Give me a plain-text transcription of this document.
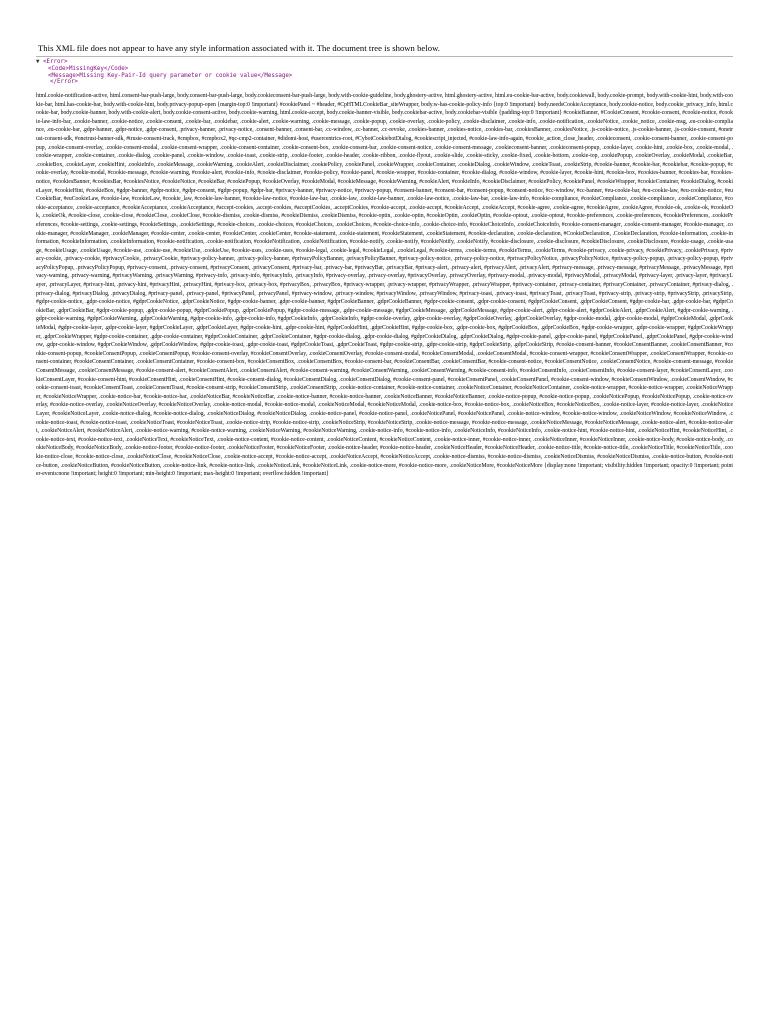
This XML file does not appear to have any style information associated with it. The document tree is shown below.
▼ <Error>
<Code>MissingKey</Code>
<Message>Missing Key-Pair-Id query parameter or cookie value</Message>
</Error>
html.cookie-notification-active, html.consent-bar-push-large, body.consent-bar-push-large, body.cookieconsent-bar-push-large, body.with-cookie-guideline, body.ghostery-active, html.ghostery-active, html.eu-cookie-bar-active, body.cookiewall, body.cookie-prompt, body.with-cookie-hint, body.with-cookie-bar, html.has-cookie-bar, body.with-cookie-hint, body.privacy-popup-open {margin-top:0 !important} #cookiePanel ~ #header, #CpHTMLCookieBar_siteWrapper, body.w-has-cookie-policy-info {top:0 !important} body.needsCookieAcceptance, body.cookie-notice, body.cookie_privacy_info, html.cookie-bar, body.cookie-banner, body.with-cookie-alert, body.cookie-consent-active, body.cookie-warning, html.cookie-accept, body.cookie-banner-visible, body.cookiebar-active, body.cookiebar-visible {padding-top:0 !important} #cookieBanner, #CookieConsent, #cookie-consent, #cookie-notice, #cookie-law-info-bar, .cookie-banner, .cookie-notice, .cookie-consent, .cookie-bar, .cookiebar, .cookie-alert, .cookie-warning, .cookie-message, .cookie-popup, .cookie-overlay, .cookie-policy, .cookie-disclaimer, .cookie-info, .cookie-notification, .cookieNotice, .cookie_notice, .cookie-msg, .eu-cookie-compliance, .eu-cookie-bar, .gdpr-banner, .gdpr-notice, .gdpr-consent, .privacy-banner, .privacy-notice, .consent-banner, .consent-bar, .cc-window, .cc-banner, .cc-revoke, .cookies-banner, .cookies-notice, .cookies-bar, .cookiesBanner, .cookiesNotice, .js-cookie-notice, .js-cookie-banner, .js-cookie-consent, #onetrust-consent-sdk, #onetrust-banner-sdk, #truste-consent-track, #cmpbox, #cmpbox2, #qc-cmp2-container, #didomi-host, #usercentrics-root, #CybotCookiebotDialog, #cookiescript_injected, #cookie-law-info-again, #cookie_action_close_header, .cookieconsent, .cookie-consent-banner, .cookie-consent-popup, .cookie-consent-overlay, .cookie-consent-modal, .cookie-consent-wrapper, .cookie-consent-container, .cookie-consent-box, .cookie-consent-bar, .cookie-consent-notice, .cookie-consent-message, .cookieconsent-banner, .cookieconsent-popup, .cookie-layer, .cookie-hint, .cookie-box, .cookie-modal, .cookie-wrapper, .cookie-container, .cookie-dialog, .cookie-panel, .cookie-window, .cookie-toast, .cookie-strip, .cookie-footer, .cookie-header, .cookie-ribbon, .cookie-flyout, .cookie-slide, .cookie-sticky, .cookie-fixed, .cookie-bottom, .cookie-top, .cookiePopup, .cookieOverlay, .cookieModal, .cookieBar, .cookieBox, .cookieLayer, .cookieHint, .cookieInfo, .cookieMessage, .cookieWarning, .cookieAlert, .cookieDisclaimer, .cookiePolicy, .cookiePanel, .cookieWrapper, .cookieContainer, .cookieDialog, .cookieWindow, .cookieToast, .cookieStrip, #cookie-banner, #cookie-bar, #cookiebar, #cookie-popup, #cookie-overlay, #cookie-modal, #cookie-message, #cookie-warning, #cookie-alert, #cookie-info, #cookie-disclaimer, #cookie-policy, #cookie-panel, #cookie-wrapper, #cookie-container, #cookie-dialog, #cookie-window, #cookie-layer, #cookie-hint, #cookie-box, #cookies-banner, #cookies-bar, #cookies-notice, #cookiesBanner, #cookiesBar, #cookiesNotice, #cookieNotice, #cookieBar, #cookiePopup, #cookieOverlay, #cookieModal, #cookieMessage, #cookieWarning, #cookieAlert, #cookieInfo, #cookieDisclaimer, #cookiePolicy, #cookiePanel, #cookieWrapper, #cookieContainer, #cookieDialog, #cookieLayer, #cookieHint, #cookieBox, #gdpr-banner, #gdpr-notice, #gdpr-consent, #gdpr-popup, #gdpr-bar, #privacy-banner, #privacy-notice, #privacy-popup, #consent-banner, #consent-bar, #consent-popup, #consent-notice, #cc-window, #cc-banner, #eu-cookie-bar, #eu-cookie-law, #eu-cookie-notice, #euCookieBar, #euCookieLaw, #cookie-law, #cookieLaw, #cookie_law, #cookie-law-banner, #cookie-law-notice, #cookie-law-bar, .cookie-law, .cookie-law-banner, .cookie-law-notice, .cookie-law-bar, .cookie-law-info, #cookie-compliance, #cookieCompliance, .cookie-compliance, .cookieCompliance, #cookie-acceptance, .cookie-acceptance, #cookieAcceptance, .cookieAcceptance, #accept-cookies, .accept-cookies, #acceptCookies, .acceptCookies, #cookie-accept, .cookie-accept, #cookieAccept, .cookieAccept, #cookie-agree, .cookie-agree, #cookieAgree, .cookieAgree, #cookie-ok, .cookie-ok, #cookieOk, .cookieOk, #cookie-close, .cookie-close, #cookieClose, .cookieClose, #cookie-dismiss, .cookie-dismiss, #cookieDismiss, .cookieDismiss, #cookie-optin, .cookie-optin, #cookieOptin, .cookieOptin, #cookie-optout, .cookie-optout, #cookie-preferences, .cookie-preferences, #cookiePreferences, .cookiePreferences, #cookie-settings, .cookie-settings, #cookieSettings, .cookieSettings, #cookie-choices, .cookie-choices, #cookieChoices, .cookieChoices, #cookie-choice-info, .cookie-choice-info, #cookieChoiceInfo, .cookieChoiceInfo, #cookie-consent-manager, .cookie-consent-manager, #cookie-manager, .cookie-manager, #cookieManager, .cookieManager, #cookie-center, .cookie-center, #cookieCenter, .cookieCenter, #cookie-statement, .cookie-statement, #cookieStatement, .cookieStatement, #cookie-declaration, .cookie-declaration, #CookieDeclaration, .CookieDeclaration, #cookie-information, .cookie-information, #cookieInformation, .cookieInformation, #cookie-notification, .cookie-notification, #cookieNotification, .cookieNotification, #cookie-notify, .cookie-notify, #cookieNotify, .cookieNotify, #cookie-disclosure, .cookie-disclosure, #cookieDisclosure, .cookieDisclosure, #cookie-usage, .cookie-usage, #cookieUsage, .cookieUsage, #cookie-use, .cookie-use, #cookieUse, .cookieUse, #cookie-uses, .cookie-uses, #cookie-legal, .cookie-legal, #cookieLegal, .cookieLegal, #cookie-terms, .cookie-terms, #cookieTerms, .cookieTerms, #cookie-privacy, .cookie-privacy, #cookiePrivacy, .cookiePrivacy, #privacy-cookie, .privacy-cookie, #privacyCookie, .privacyCookie, #privacy-policy-banner, .privacy-policy-banner, #privacyPolicyBanner, .privacyPolicyBanner, #privacy-policy-notice, .privacy-policy-notice, #privacyPolicyNotice, .privacyPolicyNotice, #privacy-policy-popup, .privacy-policy-popup, #privacyPolicyPopup, .privacyPolicyPopup, #privacy-consent, .privacy-consent, #privacyConsent, .privacyConsent, #privacy-bar, .privacy-bar, #privacyBar, .privacyBar, #privacy-alert, .privacy-alert, #privacyAlert, .privacyAlert, #privacy-message, .privacy-message, #privacyMessage, .privacyMessage, #privacy-warning, .privacy-warning, #privacyWarning, .privacyWarning, #privacy-info, .privacy-info, #privacyInfo, .privacyInfo, #privacy-overlay, .privacy-overlay, #privacyOverlay, .privacyOverlay, #privacy-modal, .privacy-modal, #privacyModal, .privacyModal, #privacy-layer, .privacy-layer, #privacyLayer, .privacyLayer, #privacy-hint, .privacy-hint, #privacyHint, .privacyHint, #privacy-box, .privacy-box, #privacyBox, .privacyBox, #privacy-wrapper, .privacy-wrapper, #privacyWrapper, .privacyWrapper, #privacy-container, .privacy-container, #privacyContainer, .privacyContainer, #privacy-dialog, .privacy-dialog, #privacyDialog, .privacyDialog, #privacy-panel, .privacy-panel, #privacyPanel, .privacyPanel, #privacy-window, .privacy-window, #privacyWindow, .privacyWindow, #privacy-toast, .privacy-toast, #privacyToast, .privacyToast, #privacy-strip, .privacy-strip, #privacyStrip, .privacyStrip, #gdpr-cookie-notice, .gdpr-cookie-notice, #gdprCookieNotice, .gdprCookieNotice, #gdpr-cookie-banner, .gdpr-cookie-banner, #gdprCookieBanner, .gdprCookieBanner, #gdpr-cookie-consent, .gdpr-cookie-consent, #gdprCookieConsent, .gdprCookieConsent, #gdpr-cookie-bar, .gdpr-cookie-bar, #gdprCookieBar, .gdprCookieBar, #gdpr-cookie-popup, .gdpr-cookie-popup, #gdprCookiePopup, .gdprCookiePopup, #gdpr-cookie-message, .gdpr-cookie-message, #gdprCookieMessage, .gdprCookieMessage, #gdpr-cookie-alert, .gdpr-cookie-alert, #gdprCookieAlert, .gdprCookieAlert, #gdpr-cookie-warning, .gdpr-cookie-warning, #gdprCookieWarning, .gdprCookieWarning, #gdpr-cookie-info, .gdpr-cookie-info, #gdprCookieInfo, .gdprCookieInfo, #gdpr-cookie-overlay, .gdpr-cookie-overlay, #gdprCookieOverlay, .gdprCookieOverlay, #gdpr-cookie-modal, .gdpr-cookie-modal, #gdprCookieModal, .gdprCookieModal, #gdpr-cookie-layer, .gdpr-cookie-layer, #gdprCookieLayer, .gdprCookieLayer, #gdpr-cookie-hint, .gdpr-cookie-hint, #gdprCookieHint, .gdprCookieHint, #gdpr-cookie-box, .gdpr-cookie-box, #gdprCookieBox, .gdprCookieBox, #gdpr-cookie-wrapper, .gdpr-cookie-wrapper, #gdprCookieWrapper, .gdprCookieWrapper, #gdpr-cookie-container, .gdpr-cookie-container, #gdprCookieContainer, .gdprCookieContainer, #gdpr-cookie-dialog, .gdpr-cookie-dialog, #gdprCookieDialog, .gdprCookieDialog, #gdpr-cookie-panel, .gdpr-cookie-panel, #gdprCookiePanel, .gdprCookiePanel, #gdpr-cookie-window, .gdpr-cookie-window, #gdprCookieWindow, .gdprCookieWindow, #gdpr-cookie-toast, .gdpr-cookie-toast, #gdprCookieToast, .gdprCookieToast, #gdpr-cookie-strip, .gdpr-cookie-strip, #gdprCookieStrip, .gdprCookieStrip, #cookie-consent-banner, #cookieConsentBanner, .cookieConsentBanner, #cookie-consent-popup, #cookieConsentPopup, .cookieConsentPopup, #cookie-consent-overlay, #cookieConsentOverlay, .cookieConsentOverlay, #cookie-consent-modal, #cookieConsentModal, .cookieConsentModal, #cookie-consent-wrapper, #cookieConsentWrapper, .cookieConsentWrapper, #cookie-consent-container, #cookieConsentContainer, .cookieConsentContainer, #cookie-consent-box, #cookieConsentBox, .cookieConsentBox, #cookie-consent-bar, #cookieConsentBar, .cookieConsentBar, #cookie-consent-notice, #cookieConsentNotice, .cookieConsentNotice, #cookie-consent-message, #cookieConsentMessage, .cookieConsentMessage, #cookie-consent-alert, #cookieConsentAlert, .cookieConsentAlert, #cookie-consent-warning, #cookieConsentWarning, .cookieConsentWarning, #cookie-consent-info, #cookieConsentInfo, .cookieConsentInfo, #cookie-consent-layer, #cookieConsentLayer, .cookieConsentLayer, #cookie-consent-hint, #cookieConsentHint, .cookieConsentHint, #cookie-consent-dialog, #cookieConsentDialog, .cookieConsentDialog, #cookie-consent-panel, #cookieConsentPanel, .cookieConsentPanel, #cookie-consent-window, #cookieConsentWindow, .cookieConsentWindow, #cookie-consent-toast, #cookieConsentToast, .cookieConsentToast, #cookie-consent-strip, #cookieConsentStrip, .cookieConsentStrip, .cookie-notice-container, #cookie-notice-container, .cookieNoticeContainer, #cookieNoticeContainer, .cookie-notice-wrapper, #cookie-notice-wrapper, .cookieNoticeWrapper, #cookieNoticeWrapper, .cookie-notice-bar, #cookie-notice-bar, .cookieNoticeBar, #cookieNoticeBar, .cookie-notice-banner, #cookie-notice-banner, .cookieNoticeBanner, #cookieNoticeBanner, .cookie-notice-popup, #cookie-notice-popup, .cookieNoticePopup, #cookieNoticePopup, .cookie-notice-overlay, #cookie-notice-overlay, .cookieNoticeOverlay, #cookieNoticeOverlay, .cookie-notice-modal, #cookie-notice-modal, .cookieNoticeModal, #cookieNoticeModal, .cookie-notice-box, #cookie-notice-box, .cookieNoticeBox, #cookieNoticeBox, .cookie-notice-layer, #cookie-notice-layer, .cookieNoticeLayer, #cookieNoticeLayer, .cookie-notice-dialog, #cookie-notice-dialog, .cookieNoticeDialog, #cookieNoticeDialog, .cookie-notice-panel, #cookie-notice-panel, .cookieNoticePanel, #cookieNoticePanel, .cookie-notice-window, #cookie-notice-window, .cookieNoticeWindow, #cookieNoticeWindow, .cookie-notice-toast, #cookie-notice-toast, .cookieNoticeToast, #cookieNoticeToast, .cookie-notice-strip, #cookie-notice-strip, .cookieNoticeStrip, #cookieNoticeStrip, .cookie-notice-message, #cookie-notice-message, .cookieNoticeMessage, #cookieNoticeMessage, .cookie-notice-alert, #cookie-notice-alert, .cookieNoticeAlert, #cookieNoticeAlert, .cookie-notice-warning, #cookie-notice-warning, .cookieNoticeWarning, #cookieNoticeWarning, .cookie-notice-info, #cookie-notice-info, .cookieNoticeInfo, #cookieNoticeInfo, .cookie-notice-hint, #cookie-notice-hint, .cookieNoticeHint, #cookieNoticeHint, .cookie-notice-text, #cookie-notice-text, .cookieNoticeText, #cookieNoticeText, .cookie-notice-content, #cookie-notice-content, .cookieNoticeContent, #cookieNoticeContent, .cookie-notice-inner, #cookie-notice-inner, .cookieNoticeInner, #cookieNoticeInner, .cookie-notice-body, #cookie-notice-body, .cookieNoticeBody, #cookieNoticeBody, .cookie-notice-footer, #cookie-notice-footer, .cookieNoticeFooter, #cookieNoticeFooter, .cookie-notice-header, #cookie-notice-header, .cookieNoticeHeader, #cookieNoticeHeader, .cookie-notice-title, #cookie-notice-title, .cookieNoticeTitle, #cookieNoticeTitle, .cookie-notice-close, #cookie-notice-close, .cookieNoticeClose, #cookieNoticeClose, .cookie-notice-accept, #cookie-notice-accept, .cookieNoticeAccept, #cookieNoticeAccept, .cookie-notice-dismiss, #cookie-notice-dismiss, .cookieNoticeDismiss, #cookieNoticeDismiss, .cookie-notice-button, #cookie-notice-button, .cookieNoticeButton, #cookieNoticeButton, .cookie-notice-link, #cookie-notice-link, .cookieNoticeLink, #cookieNoticeLink, .cookie-notice-more, #cookie-notice-more, .cookieNoticeMore, #cookieNoticeMore {display:none !important; visibility:hidden !important; opacity:0 !important; pointer-events:none !important; height:0 !important; min-height:0 !important; max-height:0 !important; overflow:hidden !important}
